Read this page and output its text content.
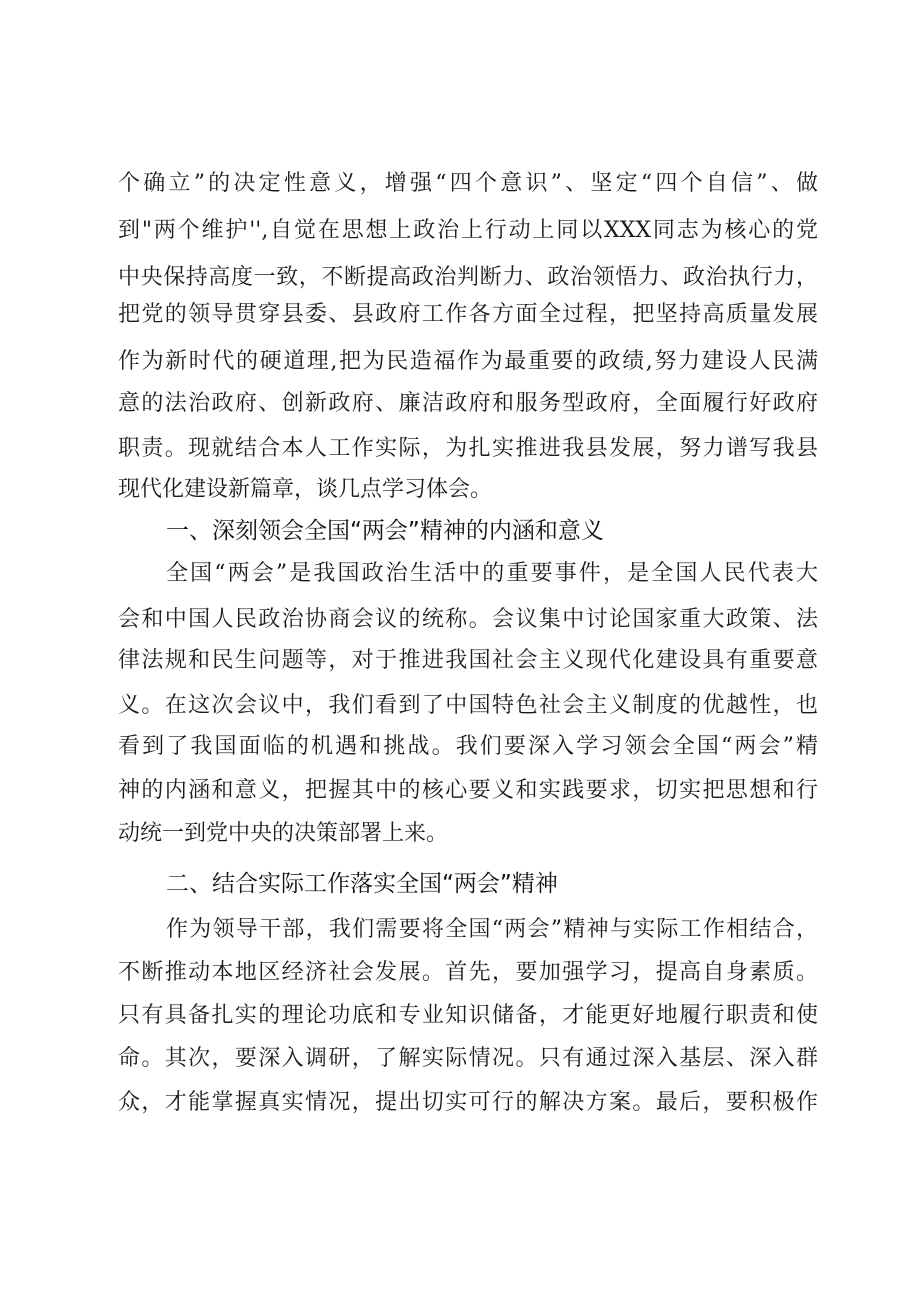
个确立”的决定性意义，增强“四个意识”、坚定“四个自信”、做
到"两个维护'',自觉在思想上政治上行动上同以XXX同志为核心的党
中央保持高度一致，不断提高政治判断力、政治领悟力、政治执行力，
把党的领导贯穿县委、县政府工作各方面全过程，把坚持高质量发展
作为新时代的硬道理,把为民造福作为最重要的政绩,努力建设人民满
意的法治政府、创新政府、廉洁政府和服务型政府，全面履行好政府
职责。现就结合本人工作实际，为扎实推进我县发展，努力谱写我县
现代化建设新篇章，谈几点学习体会。
一、深刻领会全国“两会”精神的内涵和意义
全国“两会”是我国政治生活中的重要事件，是全国人民代表大
会和中国人民政治协商会议的统称。会议集中讨论国家重大政策、法
律法规和民生问题等，对于推进我国社会主义现代化建设具有重要意
义。在这次会议中，我们看到了中国特色社会主义制度的优越性，也
看到了我国面临的机遇和挑战。我们要深入学习领会全国“两会”精
神的内涵和意义，把握其中的核心要义和实践要求，切实把思想和行
动统一到党中央的决策部署上来。
二、结合实际工作落实全国“两会”精神
作为领导干部，我们需要将全国“两会”精神与实际工作相结合，
不断推动本地区经济社会发展。首先，要加强学习，提高自身素质。
只有具备扎实的理论功底和专业知识储备，才能更好地履行职责和使
命。其次，要深入调研，了解实际情况。只有通过深入基层、深入群
众，才能掌握真实情况，提出切实可行的解决方案。最后，要积极作
